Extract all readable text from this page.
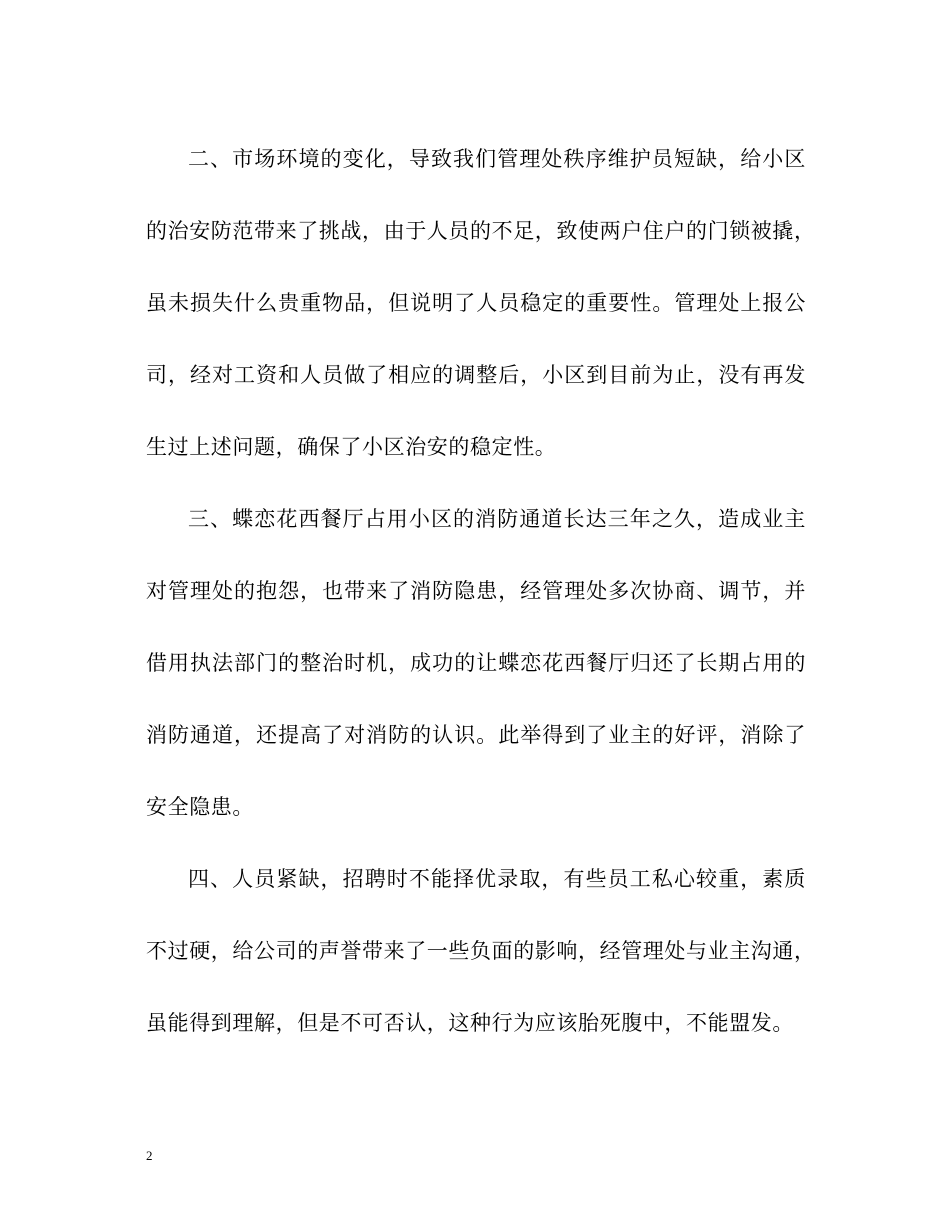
二、市场环境的变化，导致我们管理处秩序维护员短缺，给小区
的治安防范带来了挑战，由于人员的不足，致使两户住户的门锁被撬，
虽未损失什么贵重物品，但说明了人员稳定的重要性。管理处上报公
司，经对工资和人员做了相应的调整后，小区到目前为止，没有再发
生过上述问题，确保了小区治安的稳定性。
三、蝶恋花西餐厅占用小区的消防通道长达三年之久，造成业主
对管理处的抱怨，也带来了消防隐患，经管理处多次协商、调节，并
借用执法部门的整治时机，成功的让蝶恋花西餐厅归还了长期占用的
消防通道，还提高了对消防的认识。此举得到了业主的好评，消除了
安全隐患。
四、人员紧缺，招聘时不能择优录取，有些员工私心较重，素质
不过硬，给公司的声誉带来了一些负面的影响，经管理处与业主沟通，
虽能得到理解，但是不可否认，这种行为应该胎死腹中，不能盟发。
2
